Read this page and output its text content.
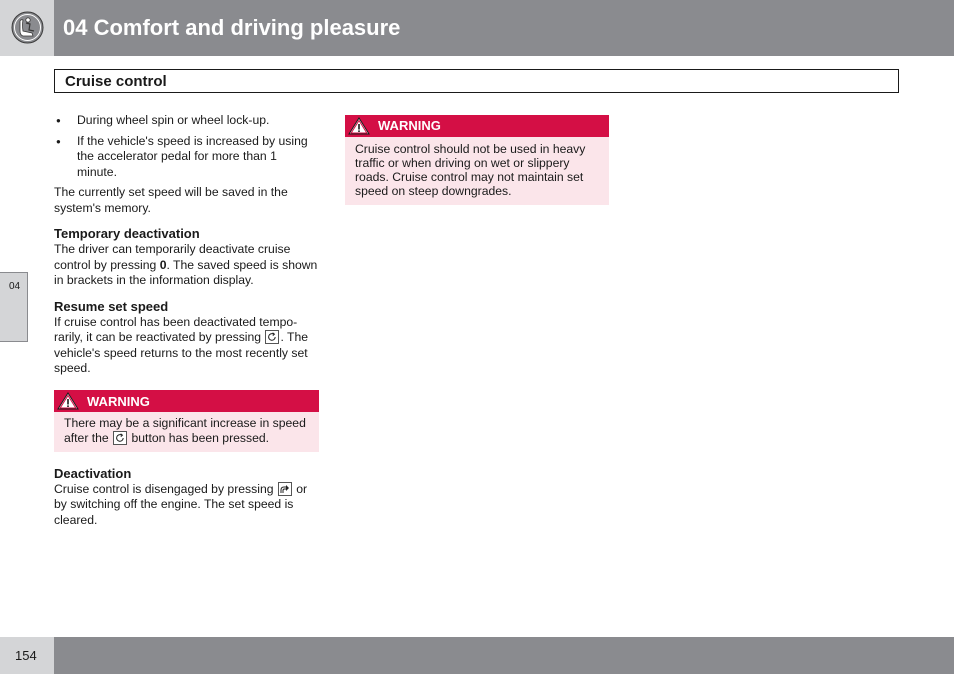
04 Comfort and driving pleasure
Cruise control
04
● During wheel spin or wheel lock-up.
● If the vehicle's speed is increased by using the accelerator pedal for more than 1 minute.

The currently set speed will be saved in the system's memory.

Temporary deactivation

The driver can temporarily deactivate cruise control by pressing 0. The saved speed is shown in brackets in the information display.

Resume set speed

If cruise control has been deactivated tempo-rarily, it can be reactivated by pressing
. The vehicle's speed returns to the most recently set speed.

WARNING
There may be a significant increase in speed after the
button has been pressed.
Deactivation

Cruise control is disengaged by pressing
or by switching off the engine. The set speed is cleared.

WARNING
Cruise control should not be used in heavy traffic or when driving on wet or slippery roads. Cruise control may not maintain set speed on steep downgrades.
154
